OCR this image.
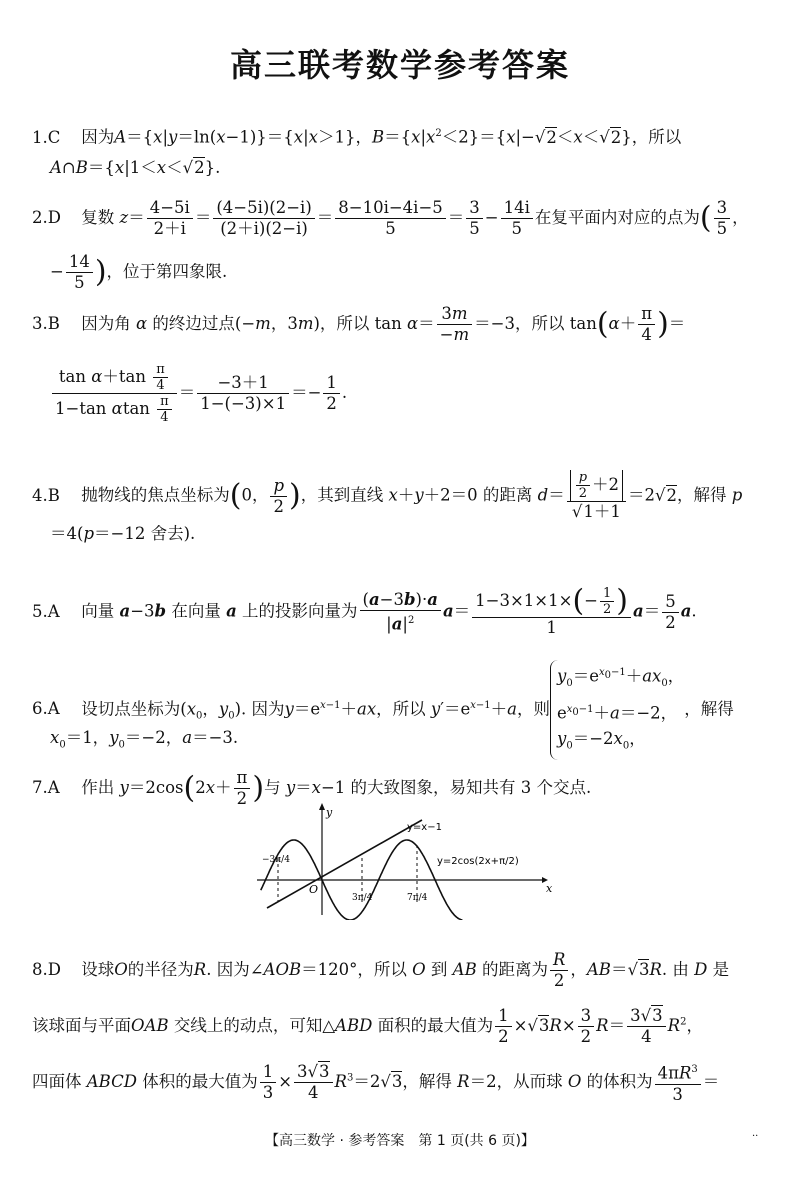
高三联考数学参考答案
1.C 因为A＝{x|y＝ln(x−1)}＝{x|x＞1}，$B=\{x|x^2<2\}=\{x|-√2<x<√2\}$，所以
A∩B＝{x|1＜x＜√2}.
2.D 复数 $z= \frac{4-5i}{2+i} = \frac{(4-5i)(2-i)}{(2+i)(2-i)} = \frac{8-10i-4i-5}{5} = \frac{3}{5} - \frac{14i}{5}$ 在复平面内对应的点为( $\frac{3}{5}$ ，
− $\frac{14}{5}$ )，位于第四象限.
3.B 因为角 α 的终边过点(−m，3m)，所以 $\tan \alpha= \frac{3m}{-m} =-3$，所以 $\tan(\alpha+ \frac{\pi}{4}$ )＝
$\frac{\tan \alpha+\tan \frac{\pi}{4}}{1-\tan \alpha\tan \frac{\pi}{4}} = \frac{-3+1}{1-(-3)\times 1} =- \frac{1}{2}$ .
4.B 抛物线的焦点坐标为(0， $\frac{p}{2}$ )，其到直线 x＋y＋2＝0 的距离 $d= \frac{\frac{p}{2} +2}{√1+1} =2√2$，解得 p
＝4(p＝−12 舍去).
5.A 向量 a−3b 在向量 a 上的投影向量为 $\frac{(a-3b)\cdot a}{|a|^2} a= \frac{1-3\times 1\times 1\times(- \frac{1}{2} )}{1} a= \frac{5}{2} a$.
6.A 设切点坐标为($x_0$，$y_0$). 因为$y=e^{x-1}+ax$，所以 $y'=e^{x-1}+a$，则
$y_0=e^{x_0-1}+ax_0$，
$e^{x_0-1}+a=-2$，
$y_0=-2x_0$，
，解得
$x_0=1$，$y_0=-2$，a＝−3.
7.A 作出 $y=2\cos(2x+ \frac{\pi}{2}$ )与 y＝x−1 的大致图象，易知共有 3 个交点.
y
x
O
y=x−1
y=2cos(2x+π/2)
−3π/4
3π/4	7π/4
8.D 设球O的半径为R. 因为∠AOB＝120°，所以 O 到 AB 的距离为 $\frac{R}{2}$ ，AB＝√3R. 由 D 是
该球面与平面OAB 交线上的动点，可知△ABD 面积的最大值为 $\frac{1}{2} \times√3R\times \frac{3}{2} R= \frac{3√3}{4} R^2$，
四面体 ABCD 体积的最大值为 $\frac{1}{3} \times \frac{3√3}{4} R^3=2√3$，解得 R＝2，从而球 O 的体积为 $\frac{4\pi R^3}{3}$ ＝
【高三数学 · 参考答案　第 1 页(共 6 页)】	··
